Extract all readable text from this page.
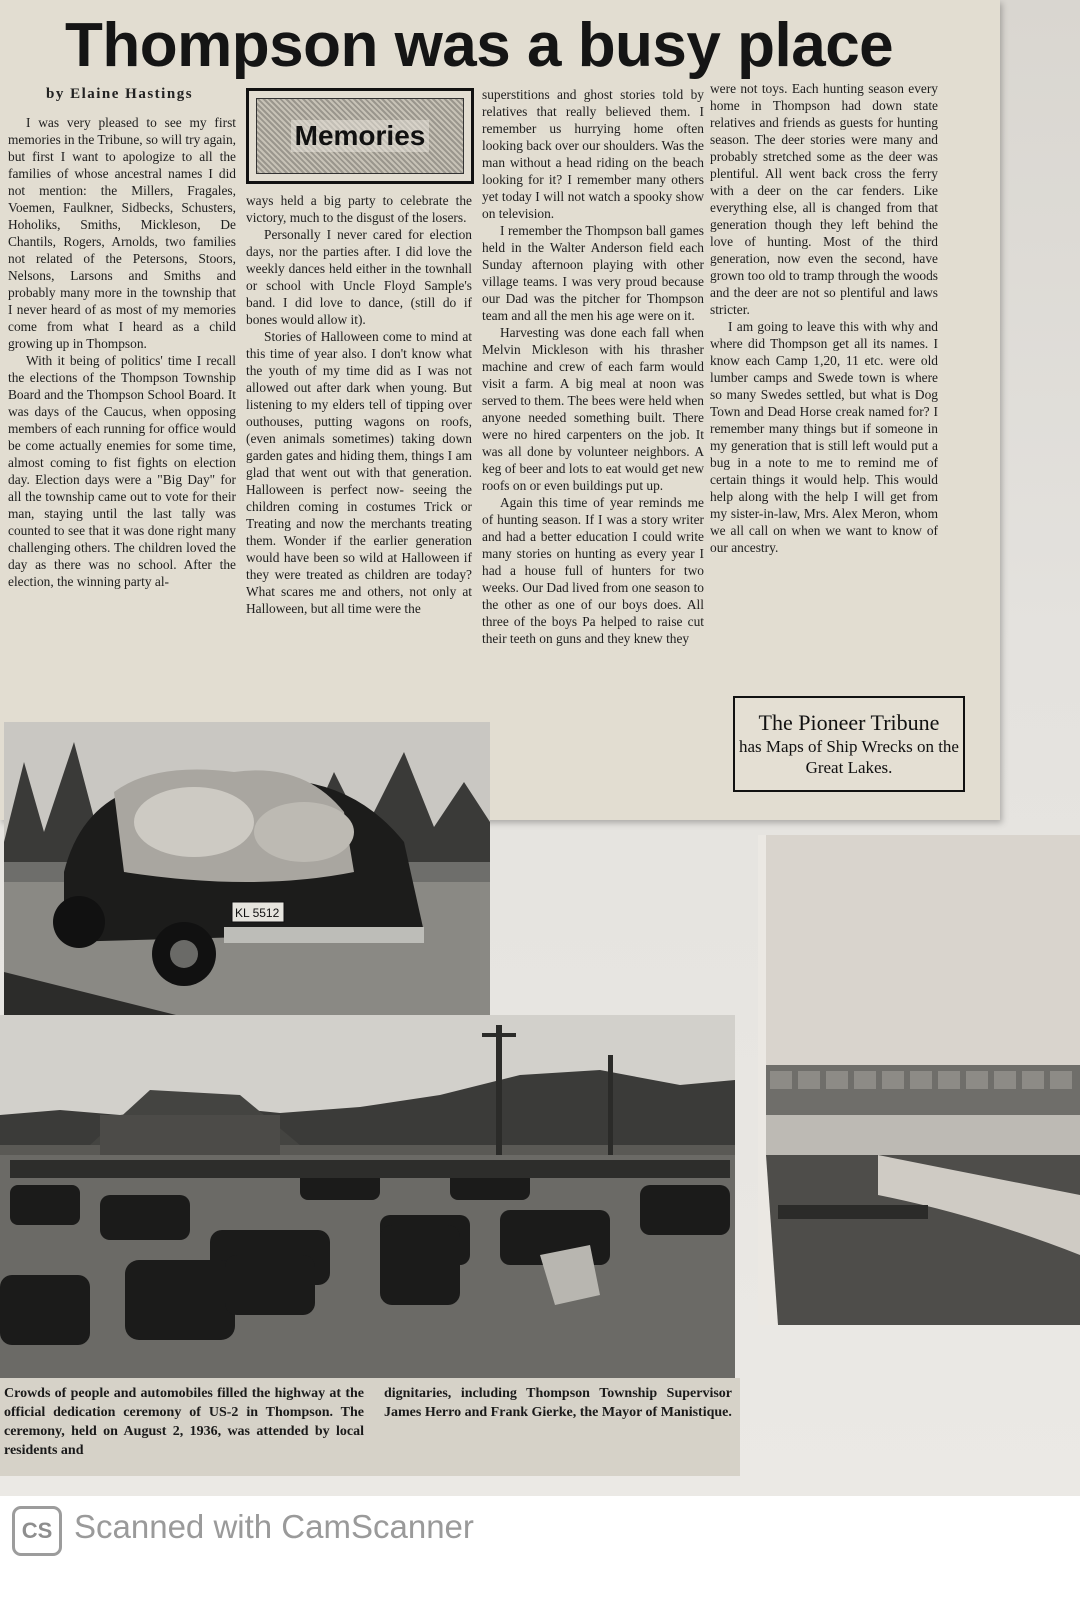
Thompson was a busy place
by Elaine Hastings
Memories

I was very pleased to see my first memories in the Tribune, so will try again, but first I want to apologize to all the families of whose ancestral names I did not mention: the Millers, Fragales, Voemen, Faulkner, Sidbecks, Schusters, Hoholiks, Smiths, Mickleson, De Chantils, Rogers, Arnolds, two families not related of the Petersons, Stoors, Nelsons, Larsons and Smiths and probably many more in the township that I never heard of as most of my memories come from what I heard as a child growing up in Thompson.

With it being of politics' time I recall the elections of the Thompson Township Board and the Thompson School Board. It was days of the Caucus, when opposing members of each running for office would be come actually enemies for some time, almost coming to fist fights on election day. Election days were a "Big Day" for all the township came out to vote for their man, staying until the last tally was counted to see that it was done right many challenging others. The children loved the day as there was no school. After the election, the winning party al-

ways held a big party to celebrate the victory, much to the disgust of the losers.

Personally I never cared for election days, nor the parties after. I did love the weekly dances held either in the townhall or school with Uncle Floyd Sample's band. I did love to dance, (still do if bones would allow it).

Stories of Halloween come to mind at this time of year also. I don't know what the youth of my time did as I was not allowed out after dark when young. But listening to my elders tell of tipping over outhouses, putting wagons on roofs, (even animals sometimes) taking down garden gates and hiding them, things I am glad that went out with that generation. Halloween is perfect now- seeing the children coming in costumes Trick or Treating and now the merchants treating them. Wonder if the earlier generation would have been so wild at Halloween if they were treated as children are today? What scares me and others, not only at Halloween, but all time were the

superstitions and ghost stories told by relatives that really believed them. I remember us hurrying home often looking back over our shoulders. Was the man without a head riding on the beach looking for it? I remember many others yet today I will not watch a spooky show on television.

I remember the Thompson ball games held in the Walter Anderson field each Sunday afternoon playing with other village teams. I was very proud because our Dad was the pitcher for Thompson team and all the men his age were on it.

Harvesting was done each fall when Melvin Mickleson with his thrasher machine and crew of each farm would visit a farm. A big meal at noon was served to them. The bees were held when anyone needed something built. There were no hired carpenters on the job. It was all done by volunteer neighbors. A keg of beer and lots to eat would get new roofs on or even buildings put up.

Again this time of year reminds me of hunting season. If I was a story writer and had a better education I could write many stories on hunting as every year I had a house full of hunters for two weeks. Our Dad lived from one season to the other as one of our boys does. All three of the boys Pa helped to raise cut their teeth on guns and they knew they

were not toys. Each hunting season every home in Thompson had down state relatives and friends as guests for hunting season. The deer stories were many and probably stretched some as the deer was plentiful. All went back cross the ferry with a deer on the car fenders. Like everything else, all is changed from that generation though they left behind the love of hunting. Most of the third generation, now even the second, have grown too old to tramp through the woods and the deer are not so plentiful and laws stricter.

I am going to leave this with why and where did Thompson get all its names. I know each Camp 1,20, 11 etc. were old lumber camps and Swede town is where so many Swedes settled, but what is Dog Town and Dead Horse creak named for? I remember many things but if someone in my generation that is still left would put a bug in a note to me to remind me of certain things it would help. This would help along with the help I will get from my sister-in-law, Mrs. Alex Meron, whom we all call on when we want to know of our ancestry.

The Pioneer Tribune
has Maps of Ship Wrecks on the Great Lakes.
KL 5512

Crowds of people and automobiles filled the highway at the official dedication ceremony of US-2 in Thompson. The ceremony, held on August 2, 1936, was attended by local residents and

dignitaries, including Thompson Township Supervisor James Herro and Frank Gierke, the Mayor of Manistique.

CS Scanned with CamScanner
